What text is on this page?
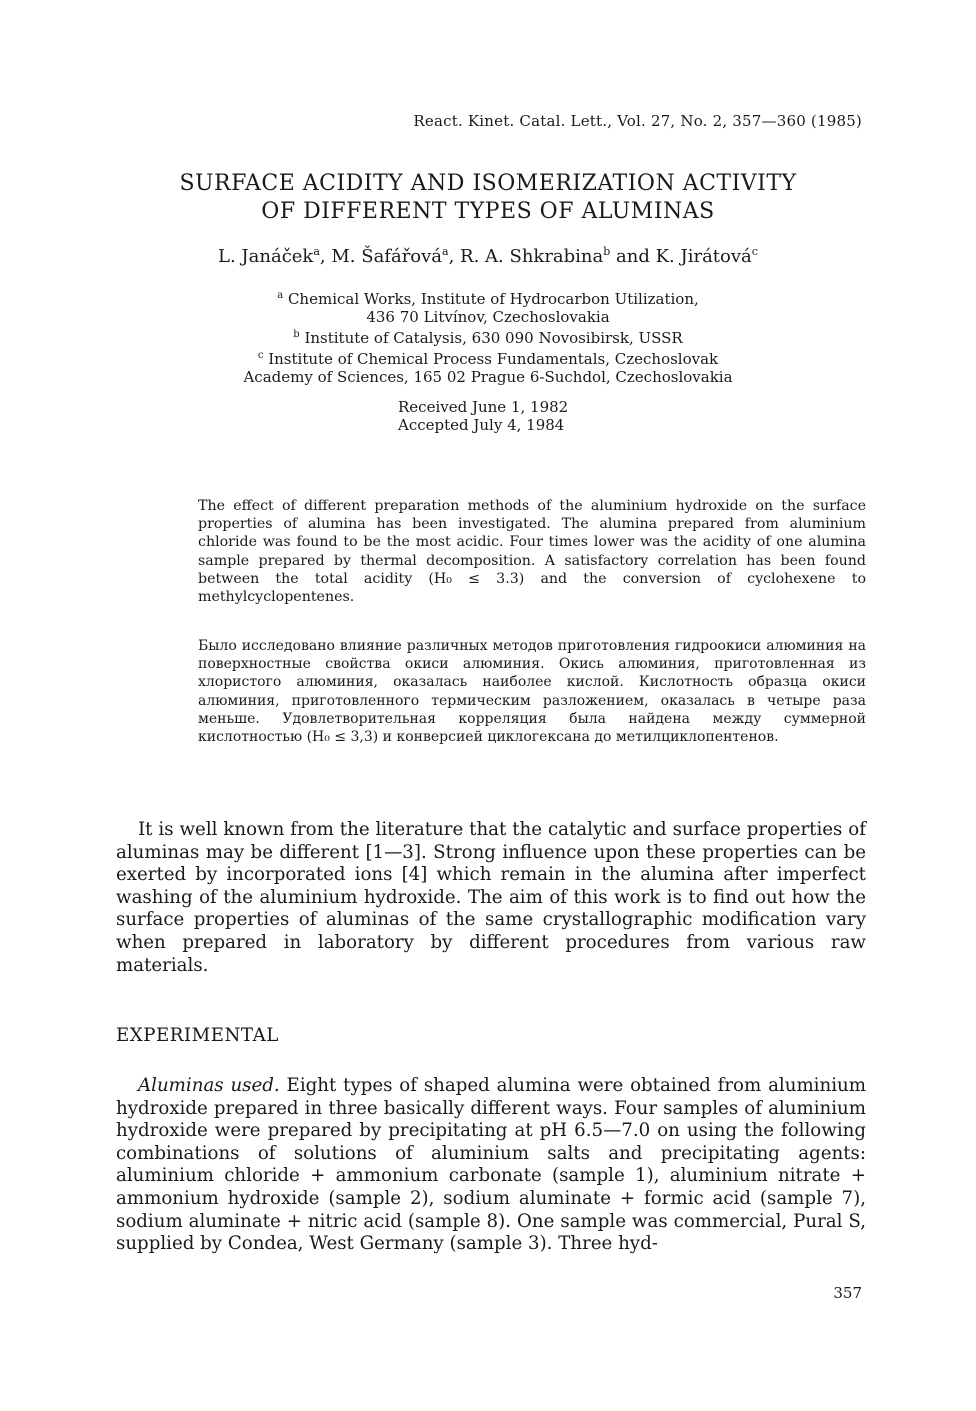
React. Kinet. Catal. Lett., Vol. 27, No. 2, 357—360 (1985)
SURFACE ACIDITY AND ISOMERIZATION ACTIVITY
OF DIFFERENT TYPES OF ALUMINAS
L. Janáček$^a$, M. Šafářová$^a$, R. A. Shkrabina$^b$ and K. Jirátová$^c$
$^a$ Chemical Works, Institute of Hydrocarbon Utilization,
436 70 Litvínov, Czechoslovakia
$^b$ Institute of Catalysis, 630 090 Novosibirsk, USSR
$^c$ Institute of Chemical Process Fundamentals, Czechoslovak
Academy of Sciences, 165 02 Prague 6-Suchdol, Czechoslovakia
Received June 1, 1982
Accepted July 4, 1984
The effect of different preparation methods of the aluminium hydroxide on the surface properties of alumina has been investigated. The alumina prepared from aluminium chloride was found to be the most acidic. Four times lower was the acidity of one alumina sample prepared by thermal decomposition. A satisfactory correlation has been found between the total acidity (H₀ ≤ 3.3) and the conversion of cyclohexene to methylcyclopentenes.
Было исследовано влияние различных методов приготовления гидроокиси алюминия на поверхностные свойства окиси алюминия. Окись алюминия, приготовленная из хлористого алюминия, оказалась наиболее кислой. Кислотность образца окиси алюминия, приготовленного термическим разложением, оказалась в четыре раза меньше. Удовлетворительная корреляция была найдена между суммерной кислотностью (H₀ ≤ 3,3) и конверсией циклогексана до метилциклопентенов.
It is well known from the literature that the catalytic and surface properties of aluminas may be different [1—3]. Strong influence upon these properties can be exerted by incorporated ions [4] which remain in the alumina after imperfect washing of the aluminium hydroxide. The aim of this work is to find out how the surface properties of aluminas of the same crystallographic modification vary when prepared in laboratory by different procedures from various raw materials.
EXPERIMENTAL
Aluminas used. Eight types of shaped alumina were obtained from aluminium hydroxide prepared in three basically different ways. Four samples of aluminium hydroxide were prepared by precipitating at pH 6.5—7.0 on using the following combinations of solutions of aluminium salts and precipitating agents: aluminium chloride + ammonium carbonate (sample 1), aluminium nitrate + ammonium hydroxide (sample 2), sodium aluminate + formic acid (sample 7), sodium aluminate + nitric acid (sample 8). One sample was commercial, Pural S, supplied by Condea, West Germany (sample 3). Three hyd-
357
